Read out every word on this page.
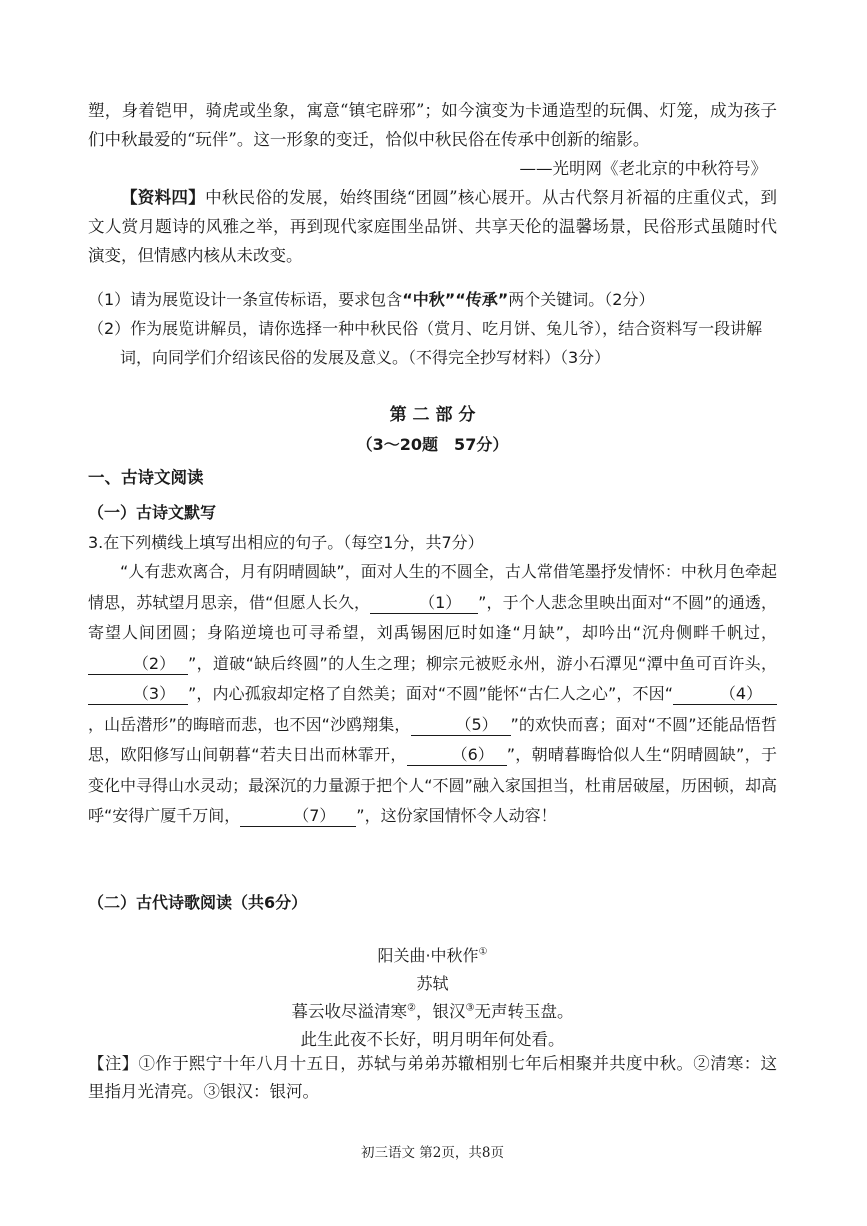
塑，身着铠甲，骑虎或坐象，寓意“镇宅辟邪”；如今演变为卡通造型的玩偶、灯笼，成为孩子们中秋最爱的“玩伴”。这一形象的变迁，恰似中秋民俗在传承中创新的缩影。

——光明网《老北京的中秋符号》

【资料四】中秋民俗的发展，始终围绕“团圆”核心展开。从古代祭月祈福的庄重仪式，到文人赏月题诗的风雅之举，再到现代家庭围坐品饼、共享天伦的温馨场景，民俗形式虽随时代演变，但情感内核从未改变。

（1）请为展览设计一条宣传标语，要求包含“中秋”“传承”两个关键词。（2分）

（2）作为展览讲解员，请你选择一种中秋民俗（赏月、吃月饼、兔儿爷），结合资料写一段讲解词，向同学们介绍该民俗的发展及意义。（不得完全抄写材料）（3分）

第 二 部 分
（3～20题　57分）
一、古诗文阅读
（一）古诗文默写

3.在下列横线上填写出相应的句子。（每空1分，共7分）

“人有悲欢离合，月有阴晴圆缺”，面对人生的不圆全，古人常借笔墨抒发情怀：中秋月色牵起情思，苏轼望月思亲，借“但愿人长久，	（1） ”，于个人悲念里映出面对“不圆”的通透，寄望人间团圆；身陷逆境也可寻希望，刘禹锡困厄时如逢“月缺”，却吟出“沉舟侧畔千帆过，（2） ”，道破“缺后终圆”的人生之理；柳宗元被贬永州，游小石潭见“潭中鱼可百许头，（3） ”，内心孤寂却定格了自然美；面对“不圆”能怀“古仁人之心”，不因“	（4），山岳潜形”的晦暗而悲，也不因“沙鸥翔集，	（5） ”的欢快而喜；面对“不圆”还能品悟哲思，欧阳修写山间朝暮“若夫日出而林霏开，	（6） ”，朝晴暮晦恰似人生“阴晴圆缺”，于变化中寻得山水灵动；最深沉的力量源于把个人“不圆”融入家国担当，杜甫居破屋，历困顿，却高呼“安得广厦千万间，	（7） ”，这份家国情怀令人动容！

（二）古代诗歌阅读（共6分）
阳关曲·中秋作①
苏轼
暮云收尽溢清寒②，银汉③无声转玉盘。
此生此夜不长好，明月明年何处看。

【注】①作于熙宁十年八月十五日，苏轼与弟弟苏辙相别七年后相聚并共度中秋。②清寒：这里指月光清亮。③银汉：银河。

初三语文 第2页，共8页
